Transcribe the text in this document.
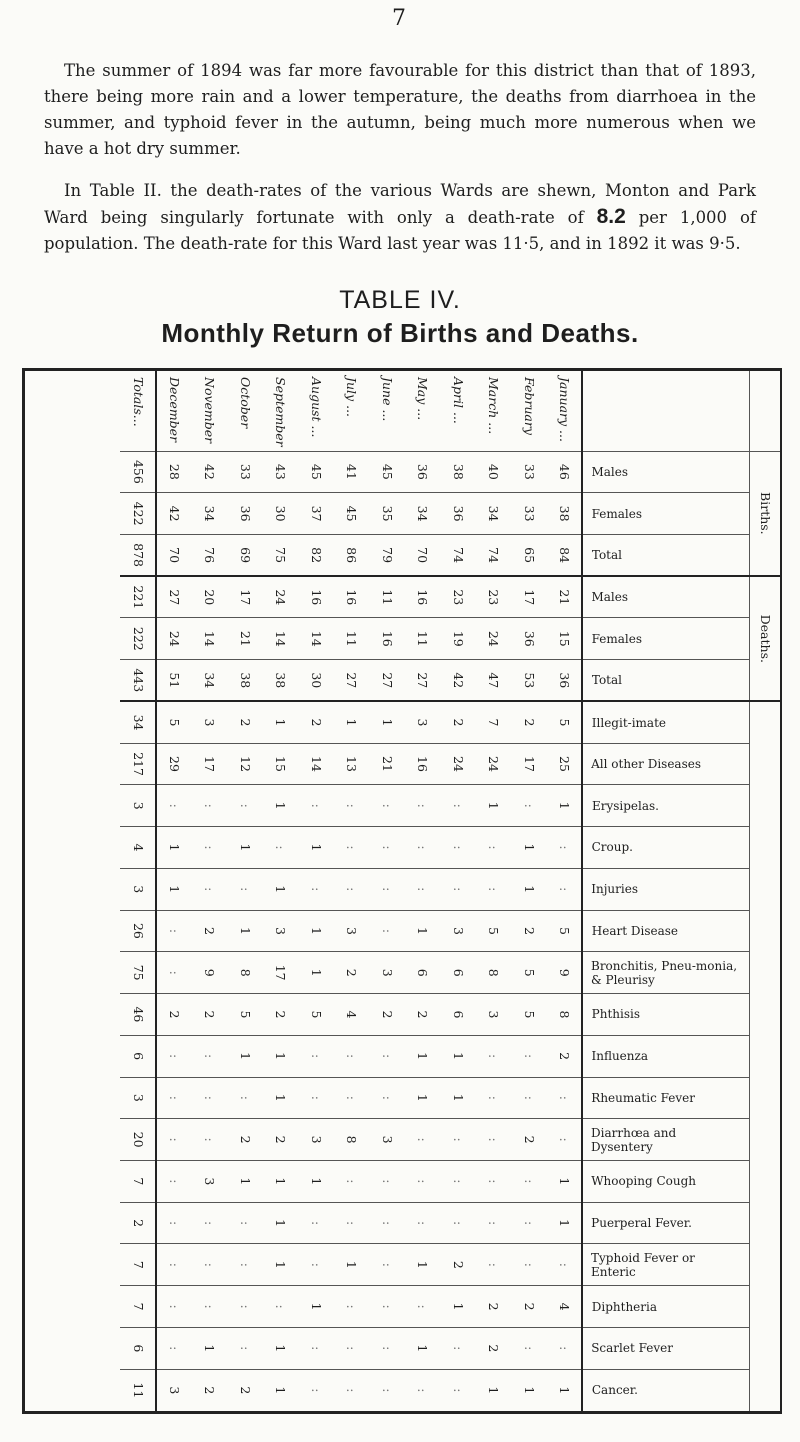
7

The summer of 1894 was far more favourable for this district than that of 1893, there being more rain and a lower temperature, the deaths from diarrhoea in the summer, and typhoid fever in the autumn, being much more numerous when we have a hot dry summer.

In Table II. the death-rates of the various Wards are shewn, Monton and Park Ward being singularly fortunate with only a death-rate of 8.2 per 1,000 of population. The death-rate for this Ward last year was 11·5, and in 1892 it was 9·5.

TABLE IV.
Monthly Return of Births and Deaths.
	Births.			Deaths.																			
	Males	Females	Total	Males	Females	Total	Illegit-imate	All other Diseases	Erysipelas.	Croup.	Injuries	Heart Disease	Bronchitis, Pneu-monia, & Pleurisy	Phthisis	Influenza	Rheumatic Fever	Diarrhœa and Dysentery	Whooping Cough	Puerperal Fever.	Typhoid Fever or Enteric	Diphtheria	Scarlet Fever	Cancer.
January ...	46	38	84	21	15	36	5	25	1	:	:	5	9	8	2	:	:	1	1	:	4	:	1
February	33	33	65	17	36	53	2	17	:	1	1	2	5	5	:	:	2	:	:	:	2	:	1
March ...	40	34	74	23	24	47	7	24	1	:	:	5	8	3	:	:	:	:	:	:	2	2	1
April ...	38	36	74	23	19	42	2	24	:	:	:	3	6	6	1	1	:	:	:	2	1	:	:
May ...	36	34	70	16	11	27	3	16	:	:	:	1	6	2	1	1	:	:	:	1	:	1	:
June ...	45	35	79	11	16	27	1	21	:	:	:	:	3	2	:	:	3	:	:	:	:	:	:
July ...	41	45	86	16	11	27	1	13	:	:	:	3	2	4	:	:	8	:	:	1	:	:	:
August ...	45	37	82	16	14	30	2	14	:	1	:	1	1	5	:	:	3	1	:	:	1	:	:
September	43	30	75	24	14	38	1	15	1	:	1	3	17	2	1	1	2	1	1	1	:	1	1
October	33	36	69	17	21	38	2	12	:	1	:	1	8	5	1	:	2	1	:	:	:	:	2
November	42	34	76	20	14	34	3	17	:	:	:	2	9	2	:	:	:	3	:	:	:	1	2
December	28	42	70	27	24	51	5	29	:	1	1	:	:	2	:	:	:	:	:	:	:	:	3
Totals...	456	422	878	221	222	443	34	217	3	4	3	26	75	46	6	3	20	7	2	7	7	6	11
